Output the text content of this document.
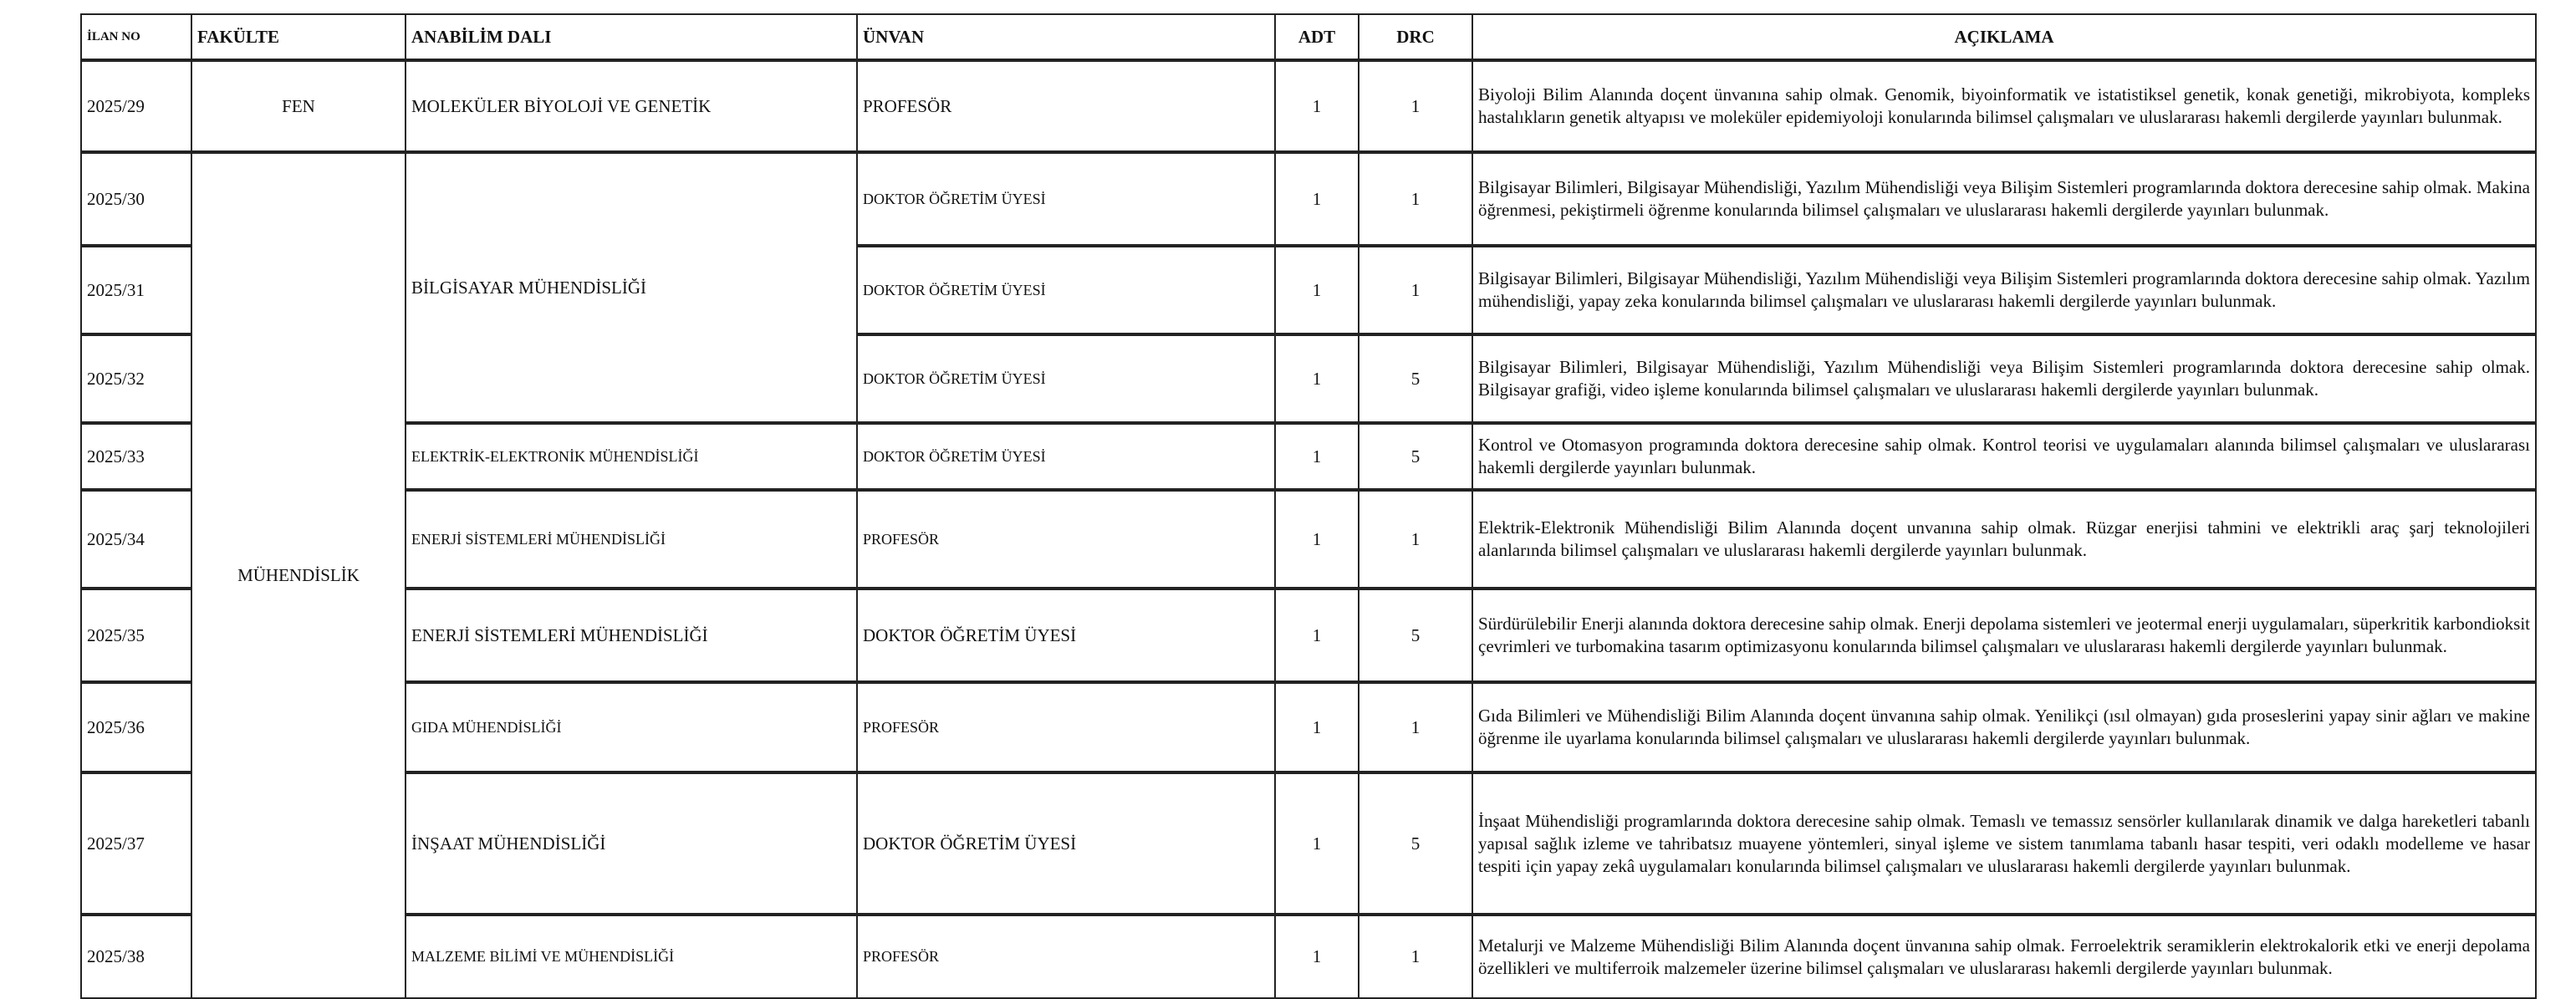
İLAN NO	FAKÜLTE	ANABİLİM DALI	ÜNVAN	ADT	DRC	AÇIKLAMA
2025/29	FEN	MOLEKÜLER BİYOLOJİ VE GENETİK	PROFESÖR	1	1	Biyoloji Bilim Alanında doçent ünvanına sahip olmak. Genomik, biyoinformatik ve istatistiksel genetik, konak genetiği, mikrobiyota, kompleks hastalıkların genetik altyapısı ve moleküler epidemiyoloji konularında bilimsel çalışmaları ve uluslararası hakemli dergilerde yayınları bulunmak.
2025/30	MÜHENDİSLİK	BİLGİSAYAR MÜHENDİSLİĞİ	DOKTOR ÖĞRETİM ÜYESİ	1	1	Bilgisayar Bilimleri, Bilgisayar Mühendisliği, Yazılım Mühendisliği veya Bilişim Sistemleri programlarında doktora derecesine sahip olmak. Makina öğrenmesi, pekiştirmeli öğrenme konularında bilimsel çalışmaları ve uluslararası hakemli dergilerde yayınları bulunmak.
2025/31			DOKTOR ÖĞRETİM ÜYESİ	1	1	Bilgisayar Bilimleri, Bilgisayar Mühendisliği, Yazılım Mühendisliği veya Bilişim Sistemleri programlarında doktora derecesine sahip olmak. Yazılım mühendisliği, yapay zeka konularında bilimsel çalışmaları ve uluslararası hakemli dergilerde yayınları bulunmak.
2025/32			DOKTOR ÖĞRETİM ÜYESİ	1	5	Bilgisayar Bilimleri, Bilgisayar Mühendisliği, Yazılım Mühendisliği veya Bilişim Sistemleri programlarında doktora derecesine sahip olmak. Bilgisayar grafiği, video işleme konularında bilimsel çalışmaları ve uluslararası hakemli dergilerde yayınları bulunmak.
2025/33		ELEKTRİK-ELEKTRONİK MÜHENDİSLİĞİ	DOKTOR ÖĞRETİM ÜYESİ	1	5	Kontrol ve Otomasyon programında doktora derecesine sahip olmak. Kontrol teorisi ve uygulamaları alanında bilimsel çalışmaları ve uluslararası hakemli dergilerde yayınları bulunmak.
2025/34		ENERJİ SİSTEMLERİ MÜHENDİSLİĞİ	PROFESÖR	1	1	Elektrik-Elektronik Mühendisliği Bilim Alanında doçent unvanına sahip olmak. Rüzgar enerjisi tahmini ve elektrikli araç şarj teknolojileri alanlarında bilimsel çalışmaları ve uluslararası hakemli dergilerde yayınları bulunmak.
2025/35		ENERJİ SİSTEMLERİ MÜHENDİSLİĞİ	DOKTOR ÖĞRETİM ÜYESİ	1	5	Sürdürülebilir Enerji alanında doktora derecesine sahip olmak. Enerji depolama sistemleri ve jeotermal enerji uygulamaları, süperkritik karbondioksit çevrimleri ve turbomakina tasarım optimizasyonu konularında bilimsel çalışmaları ve uluslararası hakemli dergilerde yayınları bulunmak.
2025/36		GIDA MÜHENDİSLİĞİ	PROFESÖR	1	1	Gıda Bilimleri ve Mühendisliği Bilim Alanında doçent ünvanına sahip olmak. Yenilikçi (ısıl olmayan) gıda proseslerini yapay sinir ağları ve makine öğrenme ile uyarlama konularında bilimsel çalışmaları ve uluslararası hakemli dergilerde yayınları bulunmak.
2025/37		İNŞAAT MÜHENDİSLİĞİ	DOKTOR ÖĞRETİM ÜYESİ	1	5	İnşaat Mühendisliği programlarında doktora derecesine sahip olmak. Temaslı ve temassız sensörler kullanılarak dinamik ve dalga hareketleri tabanlı yapısal sağlık izleme ve tahribatsız muayene yöntemleri, sinyal işleme ve sistem tanımlama tabanlı hasar tespiti, veri odaklı modelleme ve hasar tespiti için yapay zekâ uygulamaları konularında bilimsel çalışmaları ve uluslararası hakemli dergilerde yayınları bulunmak.
2025/38		MALZEME BİLİMİ VE MÜHENDİSLİĞİ	PROFESÖR	1	1	Metalurji ve Malzeme Mühendisliği Bilim Alanında doçent ünvanına sahip olmak. Ferroelektrik seramiklerin elektrokalorik etki ve enerji depolama özellikleri ve multiferroik malzemeler üzerine bilimsel çalışmaları ve uluslararası hakemli dergilerde yayınları bulunmak.
